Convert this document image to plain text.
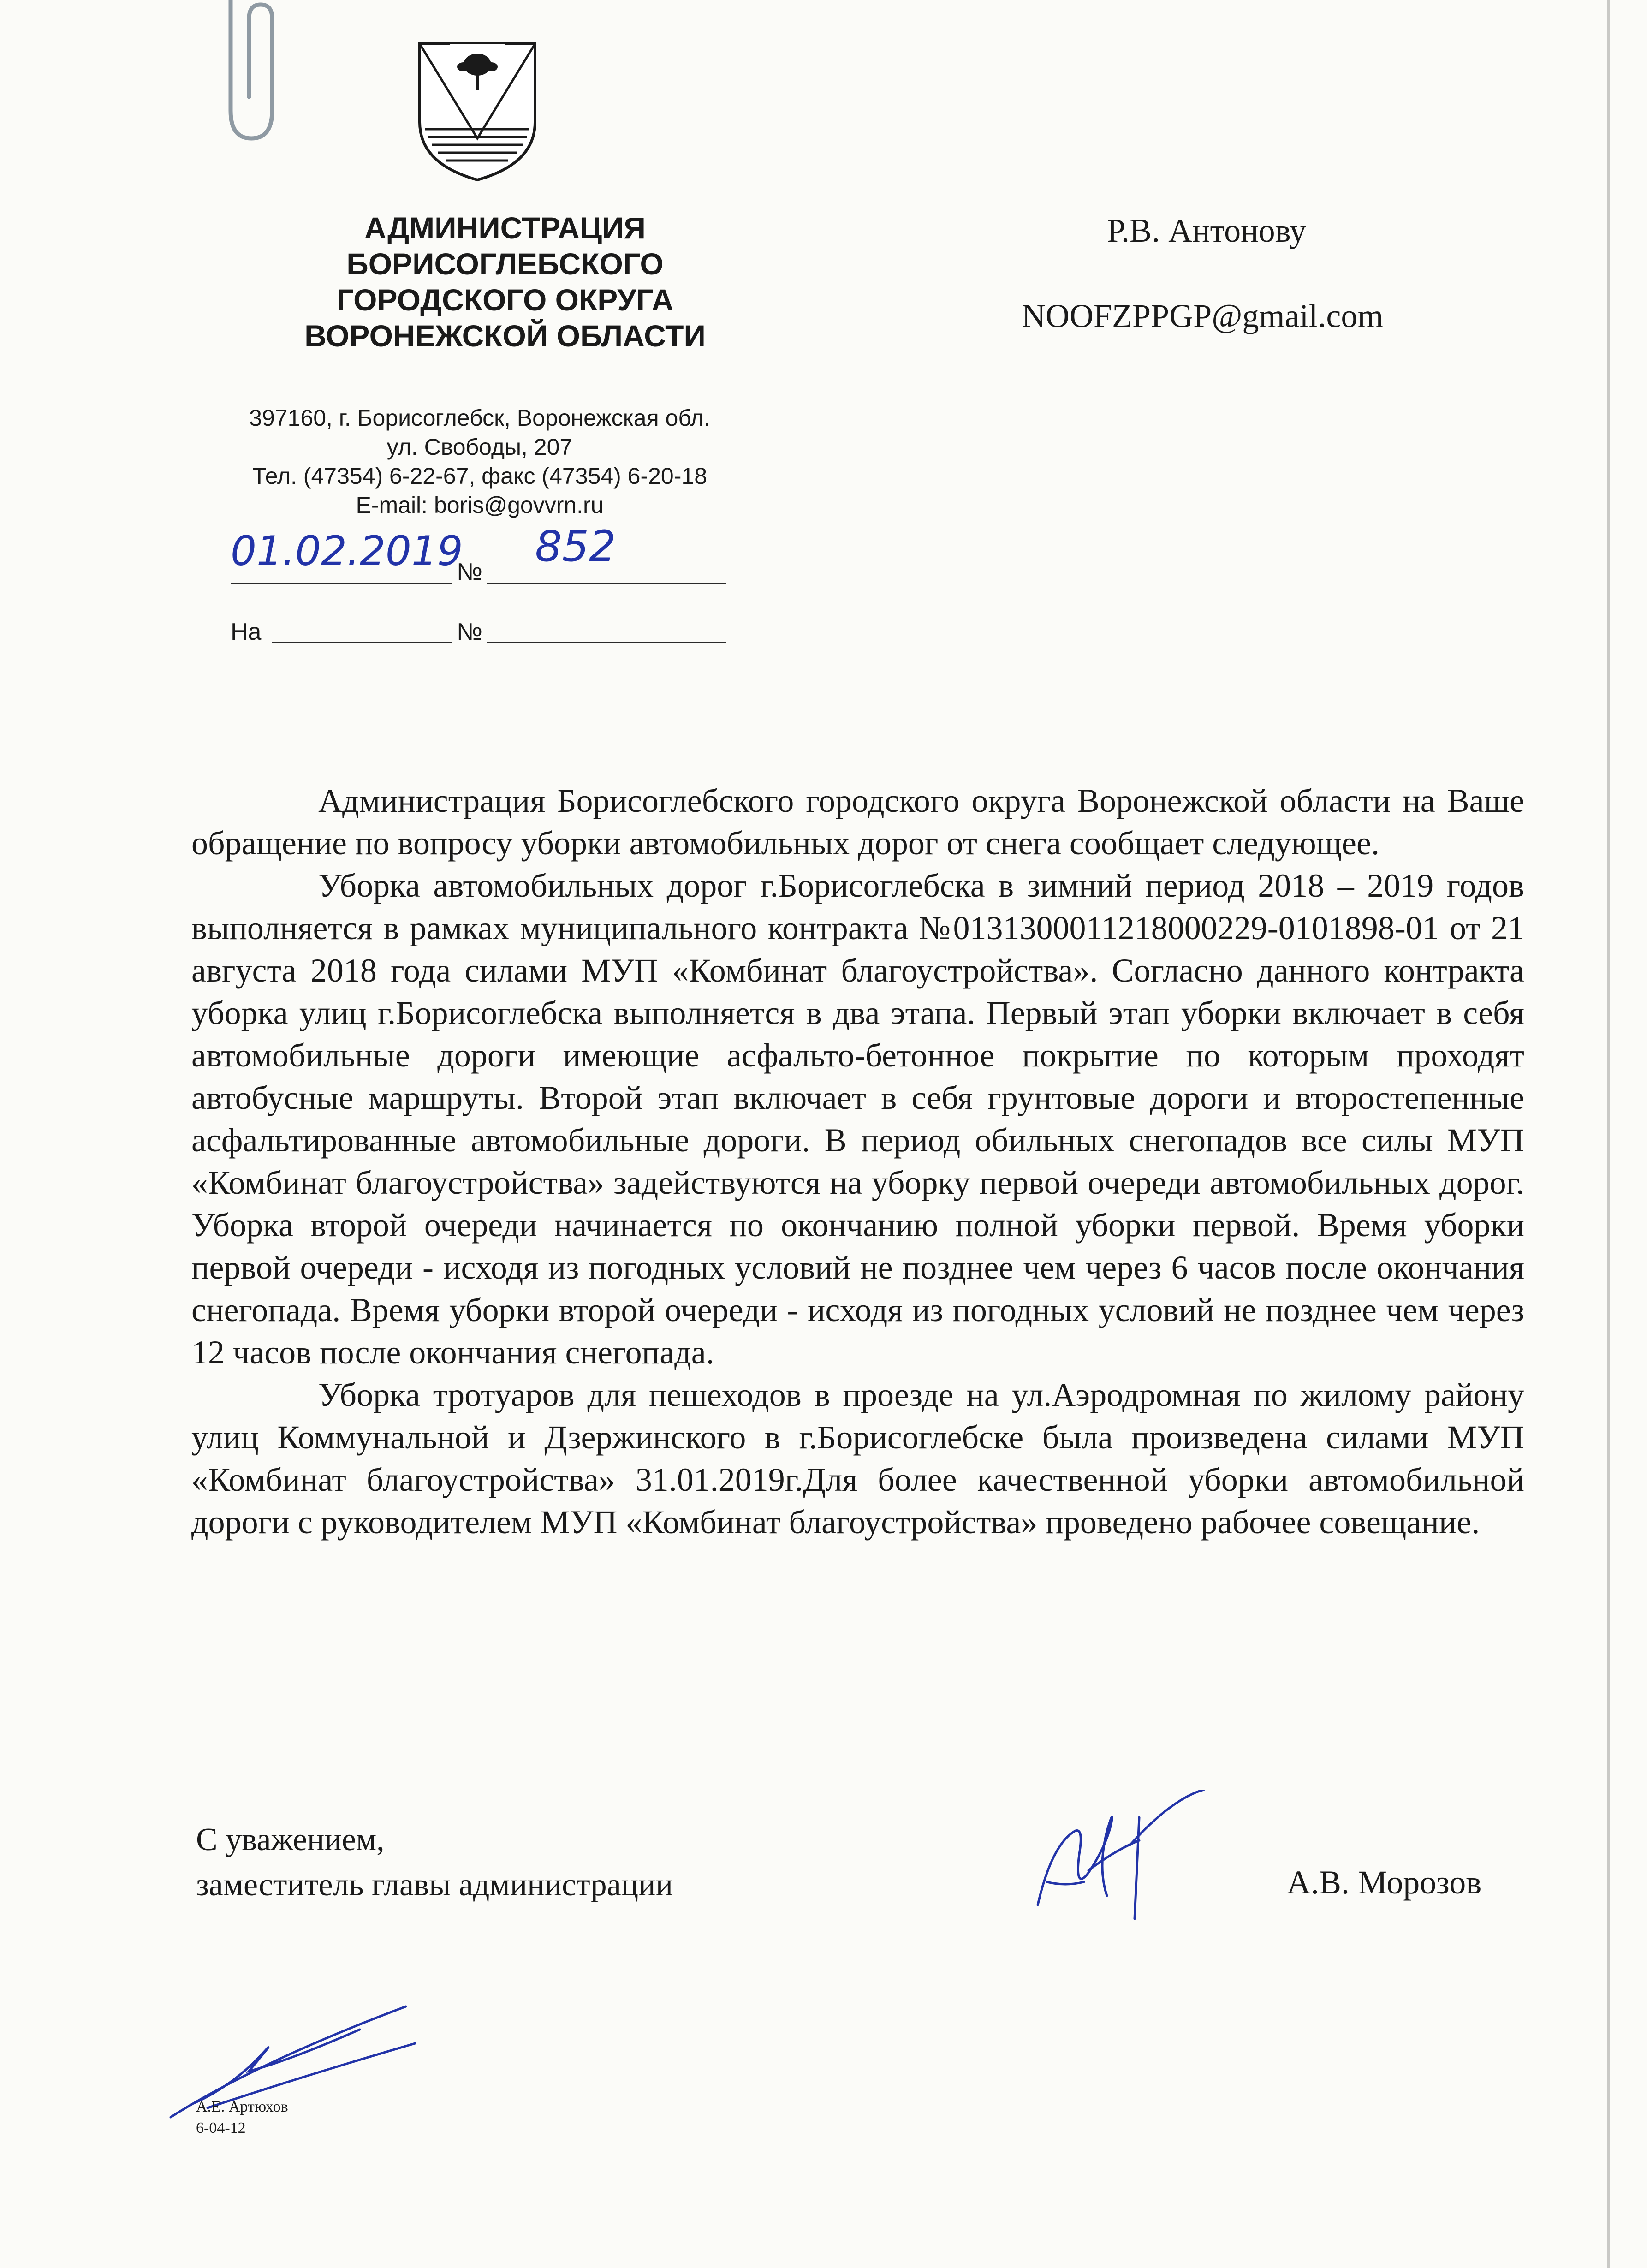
АДМИНИСТРАЦИЯ
БОРИСОГЛЕБСКОГО
ГОРОДСКОГО ОКРУГА
ВОРОНЕЖСКОЙ ОБЛАСТИ
397160, г. Борисоглебск, Воронежская обл.
ул. Свободы, 207
Тел. (47354) 6-22-67, факс (47354) 6-20-18
E-mail: boris@govvrn.ru
01.02.2019
№
852
На	№
Р.В. Антонову
NOOFZPPGP@gmail.com

Администрация Борисоглебского городского округа Воронежской области на Ваше обращение по вопросу уборки автомобильных дорог от снега сообщает следующее.

Уборка автомобильных дорог г.Борисоглебска в зимний период 2018 – 2019 годов выполняется в рамках муниципального контракта №0131300011218000229-0101898-01 от 21 августа 2018 года силами МУП «Комбинат благоустройства». Согласно данного контракта уборка улиц г.Борисоглебска выполняется в два этапа. Первый этап уборки включает в себя автомобильные дороги имеющие асфальто-бетонное покрытие по которым проходят автобусные маршруты. Второй этап включает в себя грунтовые дороги и второстепенные асфальтированные автомобильные дороги. В период обильных снегопадов все силы МУП «Комбинат благоустройства» задействуются на уборку первой очереди автомобильных дорог. Уборка второй очереди начинается по окончанию полной уборки первой. Время уборки первой очереди - исходя из погодных условий не позднее чем через 6 часов после окончания снегопада. Время уборки второй очереди - исходя из погодных условий не позднее чем через 12 часов после окончания снегопада.

Уборка тротуаров для пешеходов в проезде на ул.Аэродромная по жилому району улиц Коммунальной и Дзержинского в г.Борисоглебске была произведена силами МУП «Комбинат благоустройства» 31.01.2019г.Для более качественной уборки автомобильной дороги с руководителем МУП «Комбинат благоустройства» проведено рабочее совещание.

С уважением,
заместитель главы администрации	А.В. Морозов
А.Е. Артюхов
6-04-12
